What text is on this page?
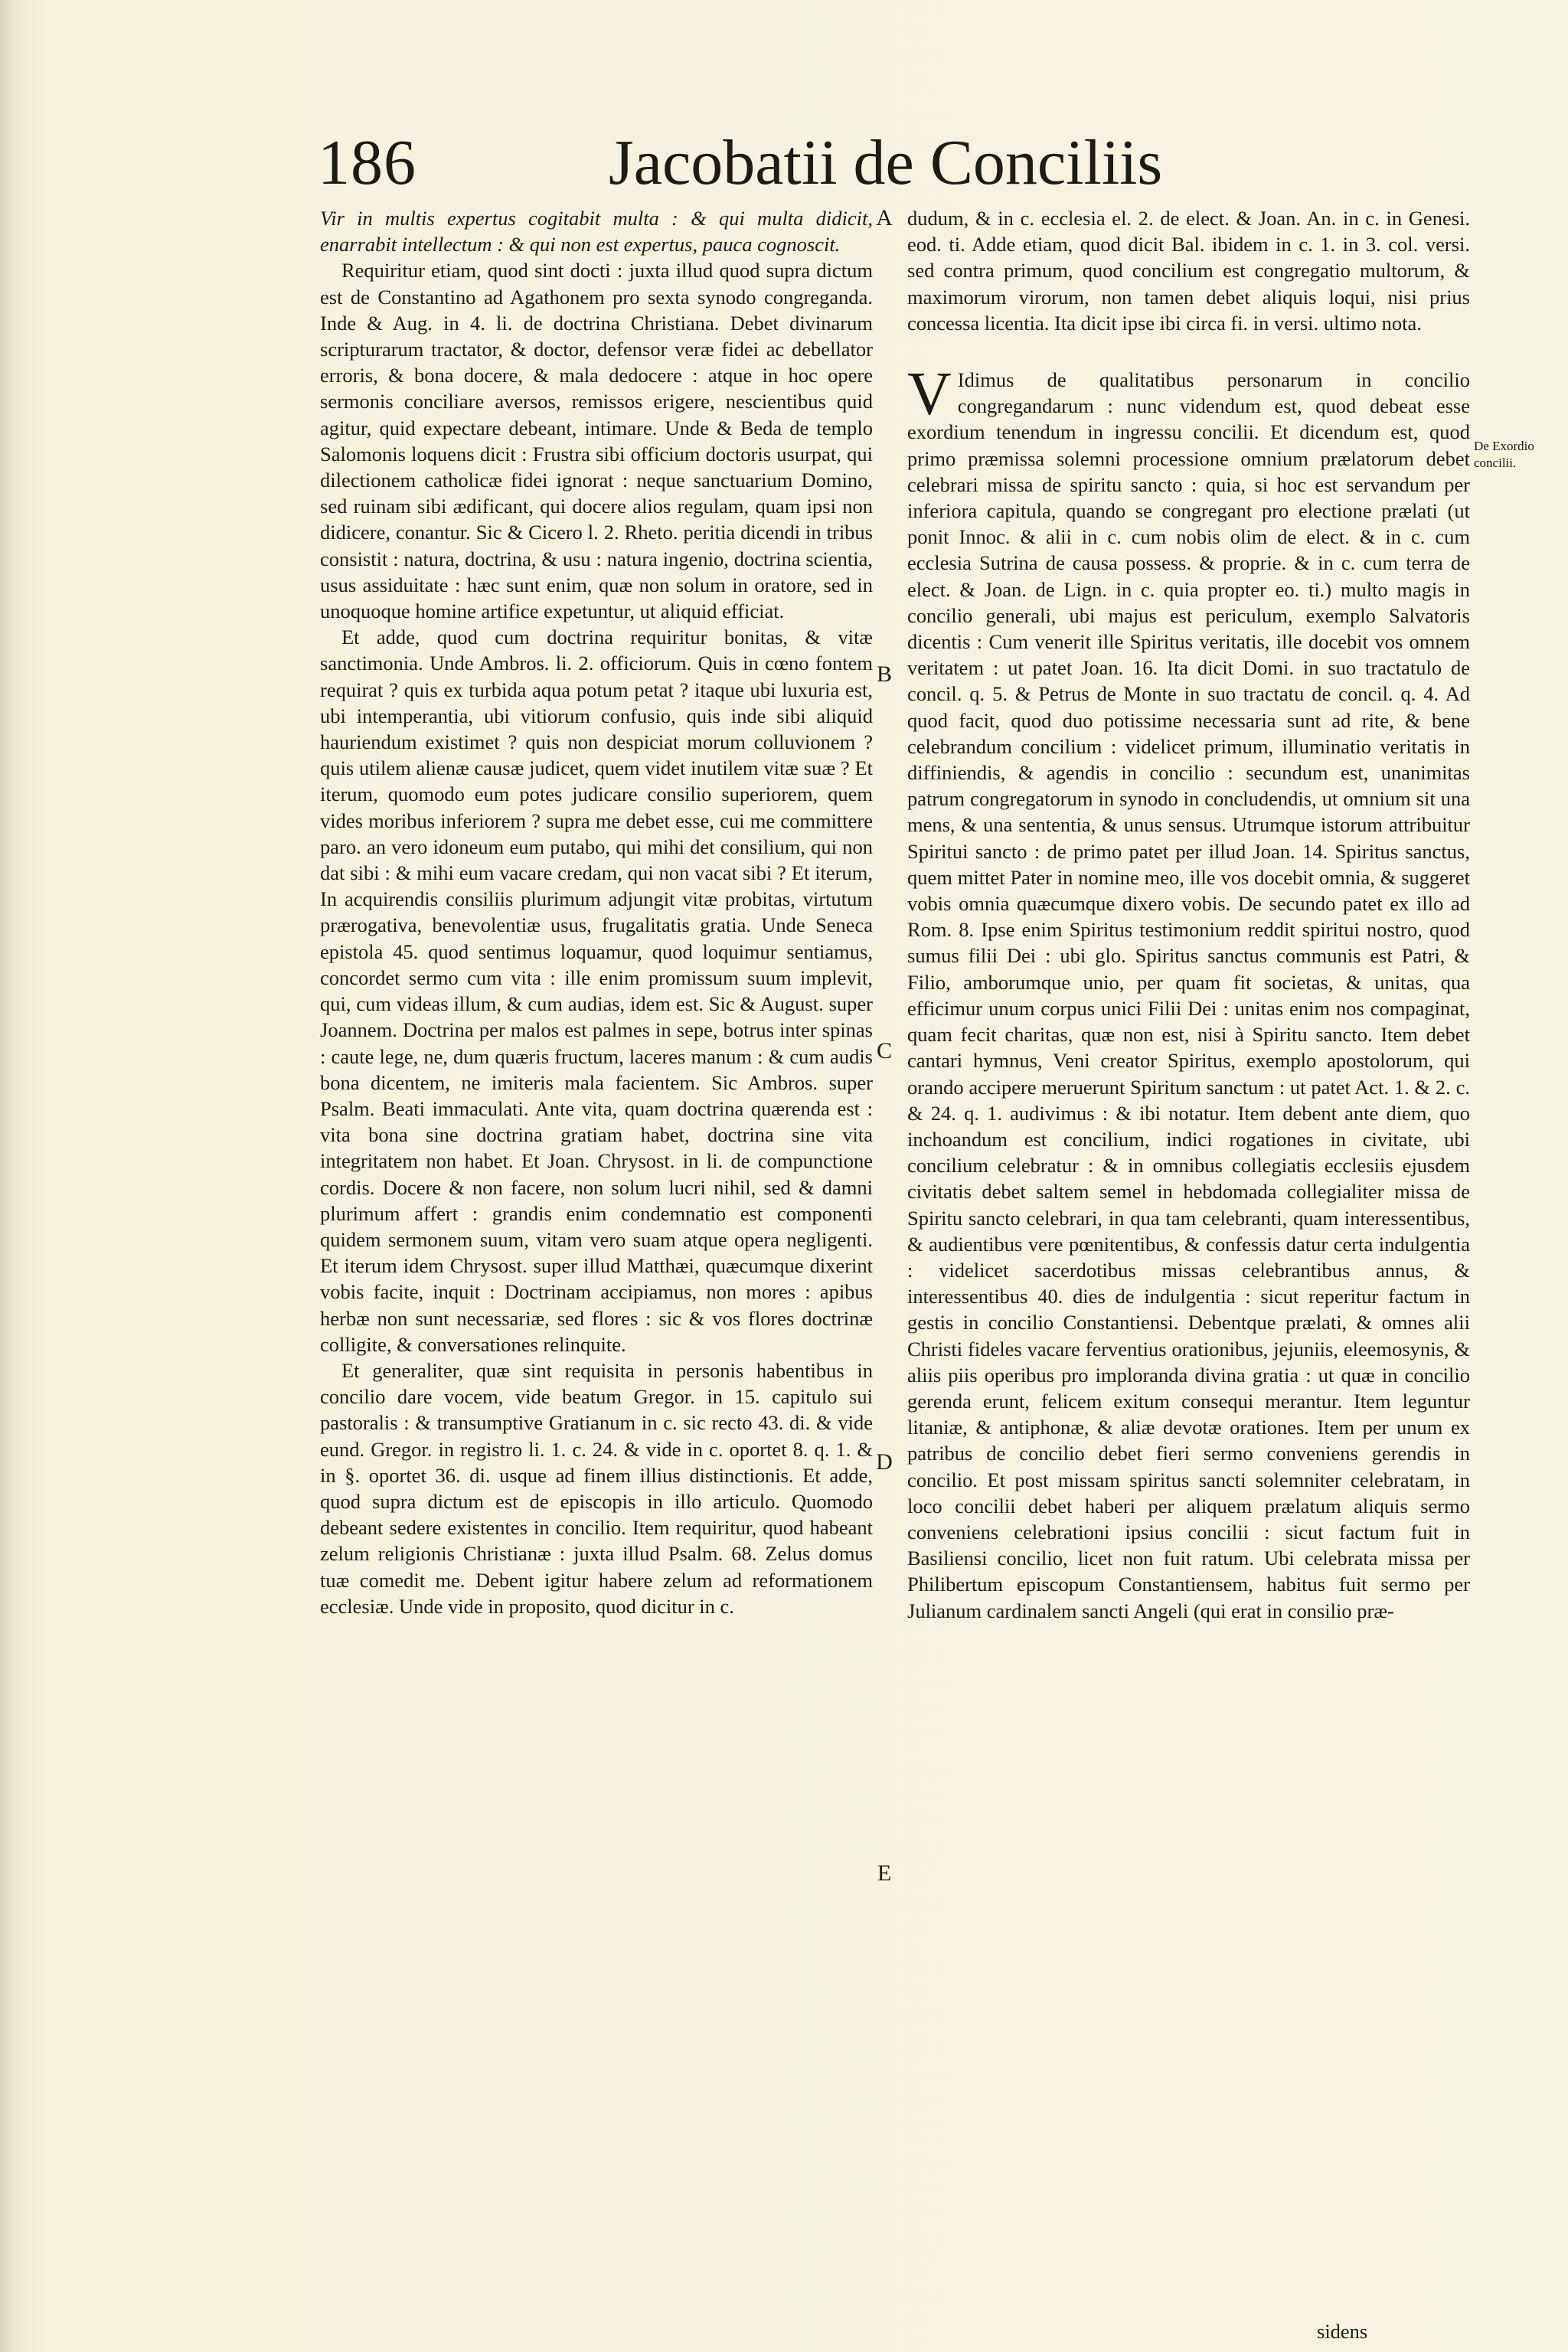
186	Jacobatii de Conciliis

Vir in multis expertus cogitabit multa : & qui multa didicit, enarrabit intellectum : & qui non est expertus, pauca cognoscit.

Requiritur etiam, quod sint docti : juxta illud quod supra dictum est de Constantino ad Agathonem pro sexta synodo congreganda. Inde & Aug. in 4. li. de doctrina Christiana. Debet divinarum scripturarum tractator, & doctor, defensor veræ fidei ac debellator erroris, & bona docere, & mala dedocere : atque in hoc opere sermonis conciliare aversos, remissos erigere, nescientibus quid agitur, quid expectare debeant, intimare. Unde & Beda de templo Salomonis loquens dicit : Frustra sibi officium doctoris usurpat, qui dilectionem catholicæ fidei ignorat : neque sanctuarium Domino, sed ruinam sibi ædificant, qui docere alios regulam, quam ipsi non didicere, conantur. Sic & Cicero l. 2. Rheto. peritia dicendi in tribus consistit : natura, doctrina, & usu : natura ingenio, doctrina scientia, usus assiduitate : hæc sunt enim, quæ non solum in oratore, sed in unoquoque homine artifice expetuntur, ut aliquid efficiat.

Et adde, quod cum doctrina requiritur bonitas, & vitæ sanctimonia. Unde Ambros. li. 2. officiorum. Quis in cœno fontem requirat ? quis ex turbida aqua potum petat ? itaque ubi luxuria est, ubi intemperantia, ubi vitiorum confusio, quis inde sibi aliquid hauriendum existimet ? quis non despiciat morum colluvionem ? quis utilem alienæ causæ judicet, quem videt inutilem vitæ suæ ? Et iterum, quomodo eum potes judicare consilio superiorem, quem vides moribus inferiorem ? supra me debet esse, cui me committere paro. an vero idoneum eum putabo, qui mihi det consilium, qui non dat sibi : & mihi eum vacare credam, qui non vacat sibi ? Et iterum, In acquirendis consiliis plurimum adjungit vitæ probitas, virtutum prærogativa, benevolentiæ usus, frugalitatis gratia. Unde Seneca epistola 45. quod sentimus loquamur, quod loquimur sentiamus, concordet sermo cum vita : ille enim promissum suum implevit, qui, cum videas illum, & cum audias, idem est. Sic & August. super Joannem. Doctrina per malos est palmes in sepe, botrus inter spinas : caute lege, ne, dum quæris fructum, laceres manum : & cum audis bona dicentem, ne imiteris mala facientem. Sic Ambros. super Psalm. Beati immaculati. Ante vita, quam doctrina quærenda est : vita bona sine doctrina gratiam habet, doctrina sine vita integritatem non habet. Et Joan. Chrysost. in li. de compunctione cordis. Docere & non facere, non solum lucri nihil, sed & damni plurimum affert : grandis enim condemnatio est componenti quidem sermonem suum, vitam vero suam atque opera negligenti. Et iterum idem Chrysost. super illud Matthæi, quæcumque dixerint vobis facite, inquit : Doctrinam accipiamus, non mores : apibus herbæ non sunt necessariæ, sed flores : sic & vos flores doctrinæ colligite, & conversationes relinquite.

Et generaliter, quæ sint requisita in personis habentibus in concilio dare vocem, vide beatum Gregor. in 15. capitulo sui pastoralis : & transumptive Gratianum in c. sic recto 43. di. & vide eund. Gregor. in registro li. 1. c. 24. & vide in c. oportet 8. q. 1. & in §. oportet 36. di. usque ad finem illius distinctionis. Et adde, quod supra dictum est de episcopis in illo articulo. Quomodo debeant sedere existentes in concilio. Item requiritur, quod habeant zelum religionis Christianæ : juxta illud Psalm. 68. Zelus domus tuæ comedit me. Debent igitur habere zelum ad reformationem ecclesiæ. Unde vide in proposito, quod dicitur in c.

A
B
C
D
E

dudum, & in c. ecclesia el. 2. de elect. & Joan. An. in c. in Genesi. eod. ti. Adde etiam, quod dicit Bal. ibidem in c. 1. in 3. col. versi. sed contra primum, quod concilium est congregatio multorum, & maximorum virorum, non tamen debet aliquis loqui, nisi prius concessa licentia. Ita dicit ipse ibi circa fi. in versi. ultimo nota.

V Idimus de qualitatibus personarum in concilio congregandarum : nunc videndum est, quod debeat esse exordium tenendum in ingressu concilii. Et dicendum est, quod primo præmissa solemni processione omnium prælatorum debet celebrari missa de spiritu sancto : quia, si hoc est servandum per inferiora capitula, quando se congregant pro electione prælati (ut ponit Innoc. & alii in c. cum nobis olim de elect. & in c. cum ecclesia Sutrina de causa possess. & proprie. & in c. cum terra de elect. & Joan. de Lign. in c. quia propter eo. ti.) multo magis in concilio generali, ubi majus est periculum, exemplo Salvatoris dicentis : Cum venerit ille Spiritus veritatis, ille docebit vos omnem veritatem : ut patet Joan. 16. Ita dicit Domi. in suo tractatulo de concil. q. 5. & Petrus de Monte in suo tractatu de concil. q. 4. Ad quod facit, quod duo potissime necessaria sunt ad rite, & bene celebrandum concilium : videlicet primum, illuminatio veritatis in diffiniendis, & agendis in concilio : secundum est, unanimitas patrum congregatorum in synodo in concludendis, ut omnium sit una mens, & una sententia, & unus sensus. Utrumque istorum attribuitur Spiritui sancto : de primo patet per illud Joan. 14. Spiritus sanctus, quem mittet Pater in nomine meo, ille vos docebit omnia, & suggeret vobis omnia quæcumque dixero vobis. De secundo patet ex illo ad Rom. 8. Ipse enim Spiritus testimonium reddit spiritui nostro, quod sumus filii Dei : ubi glo. Spiritus sanctus communis est Patri, & Filio, amborumque unio, per quam fit societas, & unitas, qua efficimur unum corpus unici Filii Dei : unitas enim nos compaginat, quam fecit charitas, quæ non est, nisi à Spiritu sancto. Item debet cantari hymnus, Veni creator Spiritus, exemplo apostolorum, qui orando accipere meruerunt Spiritum sanctum : ut patet Act. 1. & 2. c. & 24. q. 1. audivimus : & ibi notatur. Item debent ante diem, quo inchoandum est concilium, indici rogationes in civitate, ubi concilium celebratur : & in omnibus collegiatis ecclesiis ejusdem civitatis debet saltem semel in hebdomada collegialiter missa de Spiritu sancto celebrari, in qua tam celebranti, quam interessentibus, & audientibus vere pœnitentibus, & confessis datur certa indulgentia : videlicet sacerdotibus missas celebrantibus annus, & interessentibus 40. dies de indulgentia : sicut reperitur factum in gestis in concilio Constantiensi. Debentque prælati, & omnes alii Christi fideles vacare ferventius orationibus, jejuniis, eleemosynis, & aliis piis operibus pro imploranda divina gratia : ut quæ in concilio gerenda erunt, felicem exitum consequi merantur. Item leguntur litaniæ, & antiphonæ, & aliæ devotæ orationes. Item per unum ex patribus de concilio debet fieri sermo conveniens gerendis in concilio. Et post missam spiritus sancti solemniter celebratam, in loco concilii debet haberi per aliquem prælatum aliquis sermo conveniens celebrationi ipsius concilii : sicut factum fuit in Basiliensi concilio, licet non fuit ratum. Ubi celebrata missa per Philibertum episcopum Constantiensem, habitus fuit sermo per Julianum cardinalem sancti Angeli (qui erat in consilio præ-

De Exordio
concilii.
sidens
